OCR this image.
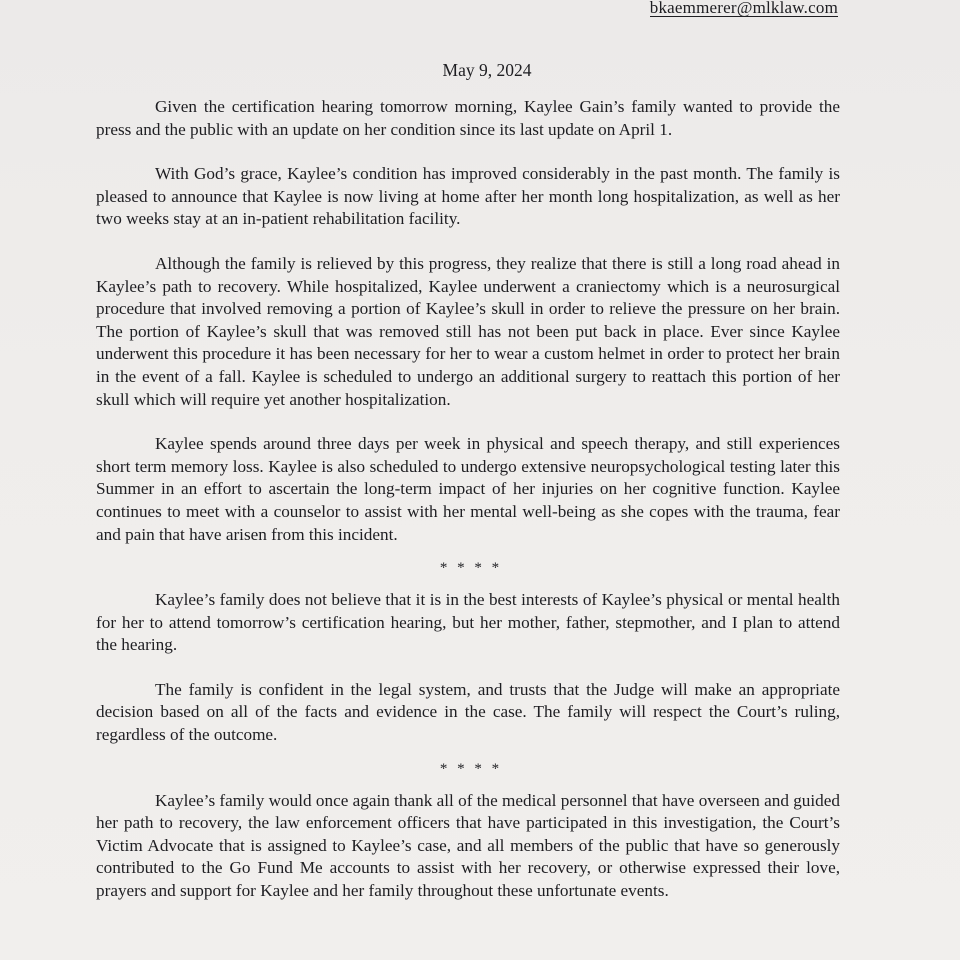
bkaemmerer@mlklaw.com
May 9, 2024

Given the certification hearing tomorrow morning, Kaylee Gain’s family wanted to provide the press and the public with an update on her condition since its last update on April 1.

With God’s grace, Kaylee’s condition has improved considerably in the past month. The family is pleased to announce that Kaylee is now living at home after her month long hospitalization, as well as her two weeks stay at an in-patient rehabilitation facility.

Although the family is relieved by this progress, they realize that there is still a long road ahead in Kaylee’s path to recovery. While hospitalized, Kaylee underwent a craniectomy which is a neurosurgical procedure that involved removing a portion of Kaylee’s skull in order to relieve the pressure on her brain. The portion of Kaylee’s skull that was removed still has not been put back in place. Ever since Kaylee underwent this procedure it has been necessary for her to wear a custom helmet in order to protect her brain in the event of a fall. Kaylee is scheduled to undergo an additional surgery to reattach this portion of her skull which will require yet another hospitalization.

Kaylee spends around three days per week in physical and speech therapy, and still experiences short term memory loss. Kaylee is also scheduled to undergo extensive neuropsychological testing later this Summer in an effort to ascertain the long-term impact of her injuries on her cognitive function. Kaylee continues to meet with a counselor to assist with her mental well-being as she copes with the trauma, fear and pain that have arisen from this incident.

* * * *

Kaylee’s family does not believe that it is in the best interests of Kaylee’s physical or mental health for her to attend tomorrow’s certification hearing, but her mother, father, stepmother, and I plan to attend the hearing.

The family is confident in the legal system, and trusts that the Judge will make an appropriate decision based on all of the facts and evidence in the case. The family will respect the Court’s ruling, regardless of the outcome.

* * * *

Kaylee’s family would once again thank all of the medical personnel that have overseen and guided her path to recovery, the law enforcement officers that have participated in this investigation, the Court’s Victim Advocate that is assigned to Kaylee’s case, and all members of the public that have so generously contributed to the Go Fund Me accounts to assist with her recovery, or otherwise expressed their love, prayers and support for Kaylee and her family throughout these unfortunate events.
